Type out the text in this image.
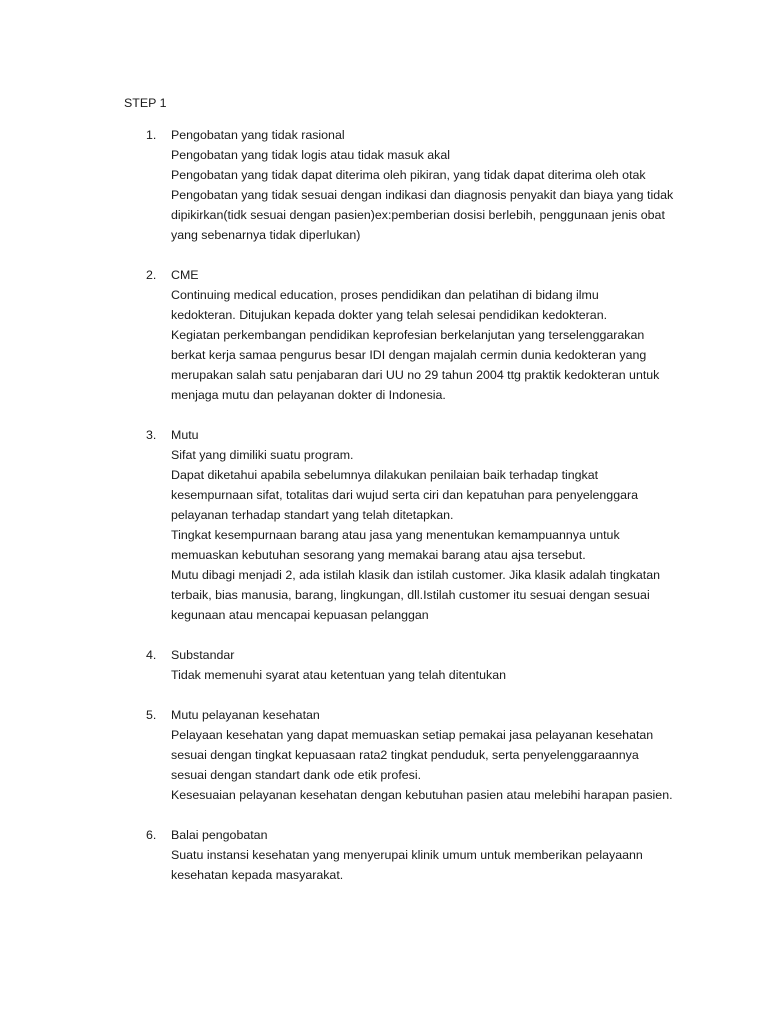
STEP 1
1.	Pengobatan yang tidak rasional
Pengobatan yang tidak logis atau tidak masuk akal
Pengobatan yang tidak dapat diterima oleh pikiran, yang tidak dapat diterima oleh otak
Pengobatan yang tidak sesuai dengan indikasi dan diagnosis penyakit dan biaya yang tidak
dipikirkan(tidk sesuai dengan pasien)ex:pemberian dosisi berlebih, penggunaan jenis obat
yang sebenarnya tidak diperlukan)
2.	CME
Continuing medical education, proses pendidikan dan pelatihan di bidang ilmu
kedokteran. Ditujukan kepada dokter yang telah selesai pendidikan kedokteran.
Kegiatan perkembangan pendidikan keprofesian berkelanjutan yang terselenggarakan
berkat kerja samaa pengurus besar IDI dengan majalah cermin dunia kedokteran yang
merupakan salah satu penjabaran dari UU no 29 tahun 2004 ttg praktik kedokteran untuk
menjaga mutu dan pelayanan dokter di Indonesia.
3.	Mutu
Sifat yang dimiliki suatu program.
Dapat diketahui apabila sebelumnya dilakukan penilaian baik terhadap tingkat
kesempurnaan sifat, totalitas dari wujud serta ciri dan kepatuhan para penyelenggara
pelayanan terhadap standart yang telah ditetapkan.
Tingkat kesempurnaan barang atau jasa yang menentukan kemampuannya untuk
memuaskan kebutuhan sesorang yang memakai barang atau ajsa tersebut.
Mutu dibagi menjadi 2, ada istilah klasik dan istilah customer. Jika klasik adalah tingkatan
terbaik, bias manusia, barang, lingkungan, dll.Istilah customer itu sesuai dengan sesuai
kegunaan atau mencapai kepuasan pelanggan
4.	Substandar
Tidak memenuhi syarat atau ketentuan yang telah ditentukan
5.	Mutu pelayanan kesehatan
Pelayaan kesehatan yang dapat memuaskan setiap pemakai jasa pelayanan kesehatan
sesuai dengan tingkat kepuasaan rata2 tingkat penduduk, serta penyelenggaraannya
sesuai dengan standart dank ode etik profesi.
Kesesuaian pelayanan kesehatan dengan kebutuhan pasien atau melebihi harapan pasien.
6.	Balai pengobatan
Suatu instansi kesehatan yang menyerupai klinik umum untuk memberikan pelayaann
kesehatan kepada masyarakat.
